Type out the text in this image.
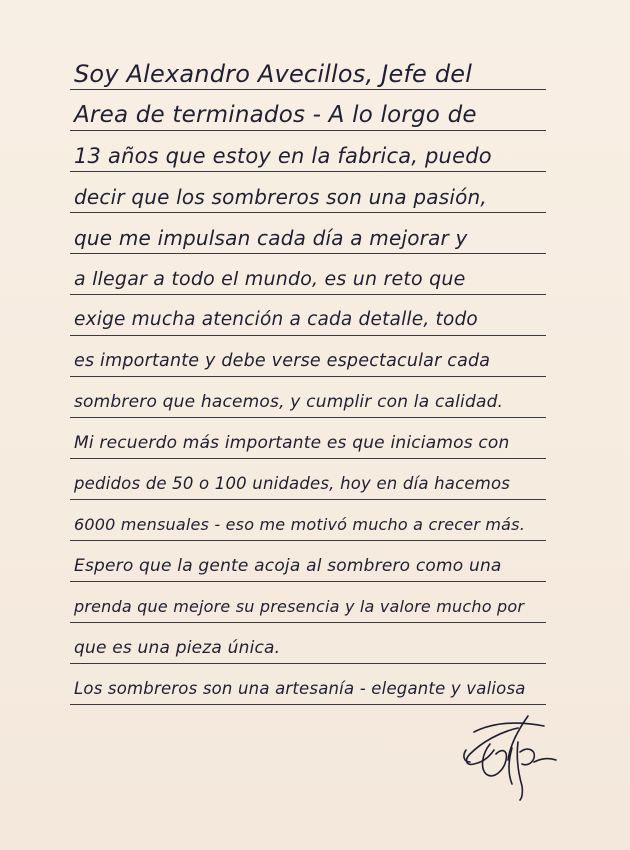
Soy Alexandro Avecillos, Jefe del
Area de terminados - A lo lorgo de
13 años que estoy en la fabrica, puedo
decir que los sombreros son una pasión,
que me impulsan cada día a mejorar y
a llegar a todo el mundo, es un reto que
exige mucha atención a cada detalle, todo
es importante y debe verse espectacular cada
sombrero que hacemos, y cumplir con la calidad.
Mi recuerdo más importante es que iniciamos con
pedidos de 50 o 100 unidades, hoy en día hacemos
6000 mensuales - eso me motivó mucho a crecer más.
Espero que la gente acoja al sombrero como una
prenda que mejore su presencia y la valore mucho por
que es una pieza única.
Los sombreros son una artesanía - elegante y valiosa
